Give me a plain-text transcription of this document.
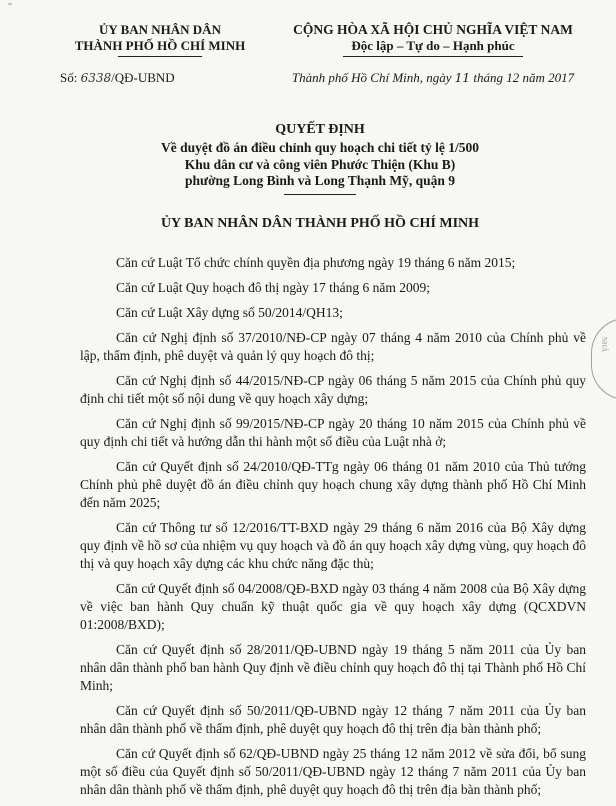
"
ỦY BAN NHÂN DÂN
THÀNH PHỐ HỒ CHÍ MINH
CỘNG HÒA XÃ HỘI CHỦ NGHĨA VIỆT NAM
Độc lập – Tự do – Hạnh phúc
Số: 6338/QĐ-UBND	Thành phố Hồ Chí Minh, ngày 11 tháng 12 năm 2017
QUYẾT ĐỊNH
Về duyệt đồ án điều chỉnh quy hoạch chi tiết tỷ lệ 1/500
Khu dân cư và công viên Phước Thiện (Khu B)
phường Long Bình và Long Thạnh Mỹ, quận 9
ỦY BAN NHÂN DÂN THÀNH PHỐ HỒ CHÍ MINH

Căn cứ Luật Tổ chức chính quyền địa phương ngày 19 tháng 6 năm 2015;

Căn cứ Luật Quy hoạch đô thị ngày 17 tháng 6 năm 2009;

Căn cứ Luật Xây dựng số 50/2014/QH13;

Căn cứ Nghị định số 37/2010/NĐ-CP ngày 07 tháng 4 năm 2010 của Chính phủ về lập, thẩm định, phê duyệt và quản lý quy hoạch đô thị;

Căn cứ Nghị định số 44/2015/NĐ-CP ngày 06 tháng 5 năm 2015 của Chính phủ quy định chi tiết một số nội dung về quy hoạch xây dựng;

Căn cứ Nghị định số 99/2015/NĐ-CP ngày 20 tháng 10 năm 2015 của Chính phủ về quy định chi tiết và hướng dẫn thi hành một số điều của Luật nhà ở;

Căn cứ Quyết định số 24/2010/QĐ-TTg ngày 06 tháng 01 năm 2010 của Thủ tướng Chính phủ phê duyệt đồ án điều chỉnh quy hoạch chung xây dựng thành phố Hồ Chí Minh đến năm 2025;

Căn cứ Thông tư số 12/2016/TT-BXD ngày 29 tháng 6 năm 2016 của Bộ Xây dựng quy định về hồ sơ của nhiệm vụ quy hoạch và đồ án quy hoạch xây dựng vùng, quy hoạch đô thị và quy hoạch xây dựng các khu chức năng đặc thù;

Căn cứ Quyết định số 04/2008/QĐ-BXD ngày 03 tháng 4 năm 2008 của Bộ Xây dựng về việc ban hành Quy chuẩn kỹ thuật quốc gia về quy hoạch xây dựng (QCXDVN 01:2008/BXD);

Căn cứ Quyết định số 28/2011/QĐ-UBND ngày 19 tháng 5 năm 2011 của Ủy ban nhân dân thành phố ban hành Quy định về điều chỉnh quy hoạch đô thị tại Thành phố Hồ Chí Minh;

Căn cứ Quyết định số 50/2011/QĐ-UBND ngày 12 tháng 7 năm 2011 của Ủy ban nhân dân thành phố về thẩm định, phê duyệt quy hoạch đô thị trên địa bàn thành phố;

Căn cứ Quyết định số 62/QĐ-UBND ngày 25 tháng 12 năm 2012 về sửa đổi, bổ sung một số điều của Quyết định số 50/2011/QĐ-UBND ngày 12 tháng 7 năm 2011 của Ủy ban nhân dân thành phố về thẩm định, phê duyệt quy hoạch đô thị trên địa bàn thành phố;

NHÂ
